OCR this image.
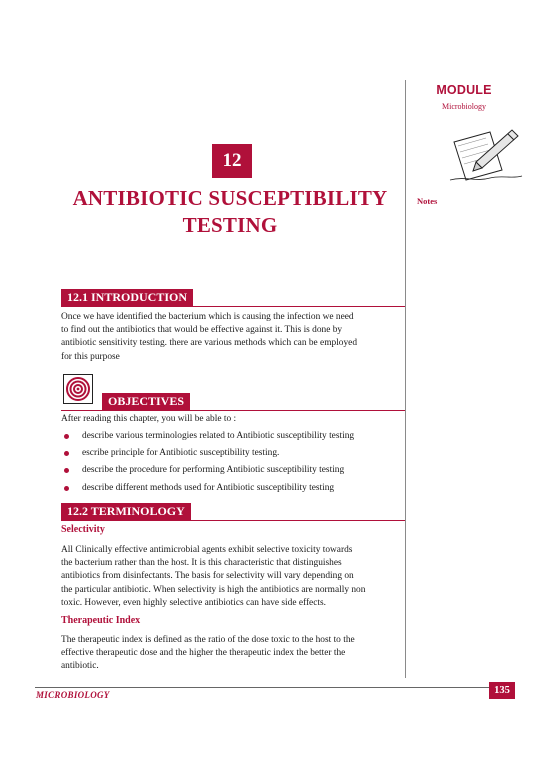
MODULE
Microbiology
Notes
12
ANTIBIOTIC SUSCEPTIBILITY
TESTING
12.1 INTRODUCTION
Once we have identified the bacterium which is causing the infection we need
to find out the antibiotics that would be effective against it. This is done by
antibiotic sensitivity testing. there are various methods which can be employed
for this purpose
OBJECTIVES
After reading this chapter, you will be able to :
describe various terminologies related to Antibiotic susceptibility testing
escribe principle for Antibiotic susceptibility testing.
describe the procedure for performing Antibiotic susceptibility testing
describe different methods used for Antibiotic susceptibility testing
12.2 TERMINOLOGY
Selectivity
All Clinically effective antimicrobial agents exhibit selective toxicity towards
the bacterium rather than the host. It is this characteristic that distinguishes
antibiotics from disinfectants. The basis for selectivity will vary depending on
the particular antibiotic. When selectivity is high the antibiotics are normally non
toxic. However, even highly selective antibiotics can have side effects.
Therapeutic Index
The therapeutic index is defined as the ratio of the dose toxic to the host to the
effective therapeutic dose and the higher the therapeutic index the better the
antibiotic.
MICROBIOLOGY	135
